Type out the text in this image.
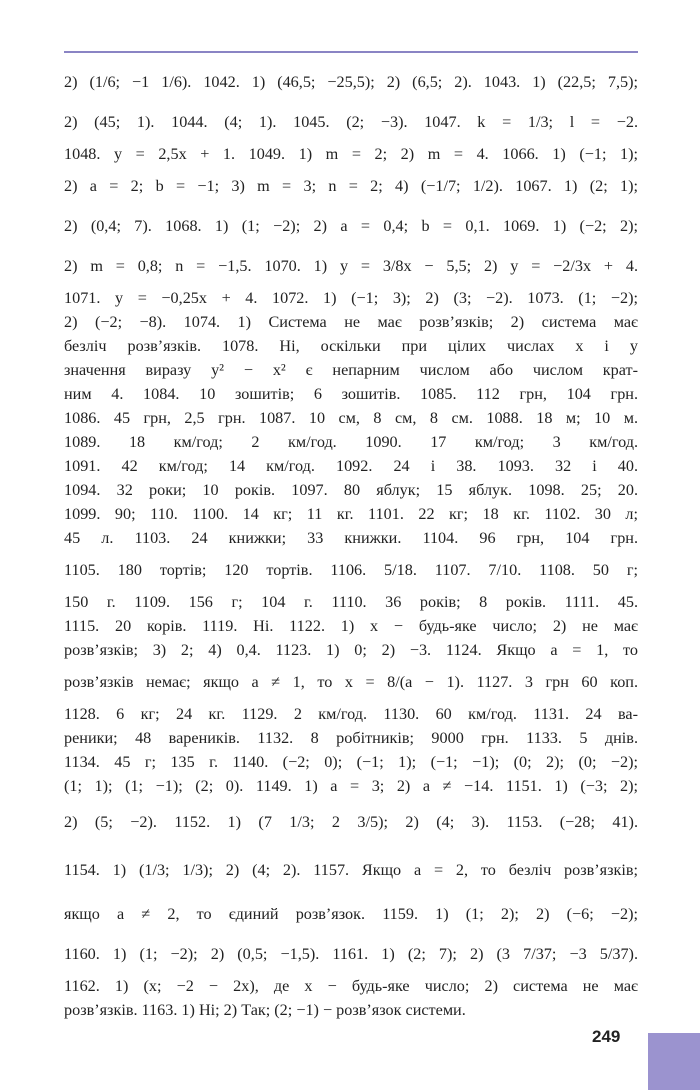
2) (1/6; −1 1/6). 1042. 1) (46,5; −25,5); 2) (6,5; 2). 1043. 1) (22,5; 7,5);
2) (45; 1). 1044. (4; 1). 1045. (2; −3). 1047. k = 1/3; l = −2.
1048. y = 2,5x + 1. 1049. 1) m = 2; 2) m = 4. 1066. 1) (−1; 1);
2) a = 2; b = −1; 3) m = 3; n = 2; 4) (−1/7; 1/2). 1067. 1) (2; 1);
2) (0,4; 7). 1068. 1) (1; −2); 2) a = 0,4; b = 0,1. 1069. 1) (−2; 2);
2) m = 0,8; n = −1,5. 1070. 1) y = 3/8x − 5,5; 2) y = −2/3x + 4.
1071. y = −0,25x + 4. 1072. 1) (−1; 3); 2) (3; −2). 1073. (1; −2);
2) (−2; −8). 1074. 1) Система не має розв’язків; 2) система має
безліч розв’язків. 1078. Ні, оскільки при цілих числах x і y
значення виразу y² − x² є непарним числом або числом крат-
ним 4. 1084. 10 зошитів; 6 зошитів. 1085. 112 грн, 104 грн.
1086. 45 грн, 2,5 грн. 1087. 10 см, 8 см, 8 см. 1088. 18 м; 10 м.
1089. 18 км/год; 2 км/год. 1090. 17 км/год; 3 км/год.
1091. 42 км/год; 14 км/год. 1092. 24 і 38. 1093. 32 і 40.
1094. 32 роки; 10 років. 1097. 80 яблук; 15 яблук. 1098. 25; 20.
1099. 90; 110. 1100. 14 кг; 11 кг. 1101. 22 кг; 18 кг. 1102. 30 л;
45 л. 1103. 24 книжки; 33 книжки. 1104. 96 грн, 104 грн.
1105. 180 тортів; 120 тортів. 1106. 5/18. 1107. 7/10. 1108. 50 г;
150 г. 1109. 156 г; 104 г. 1110. 36 років; 8 років. 1111. 45.
1115. 20 корів. 1119. Ні. 1122. 1) x − будь-яке число; 2) не має
розв’язків; 3) 2; 4) 0,4. 1123. 1) 0; 2) −3. 1124. Якщо a = 1, то
розв’язків немає; якщо a ≠ 1, то x = 8/(a − 1). 1127. 3 грн 60 коп.
1128. 6 кг; 24 кг. 1129. 2 км/год. 1130. 60 км/год. 1131. 24 ва-
реники; 48 вареників. 1132. 8 робітників; 9000 грн. 1133. 5 днів.
1134. 45 г; 135 г. 1140. (−2; 0); (−1; 1); (−1; −1); (0; 2); (0; −2);
(1; 1); (1; −1); (2; 0). 1149. 1) a = 3; 2) a ≠ −14. 1151. 1) (−3; 2);
2) (5; −2). 1152. 1) (7 1/3; 2 3/5); 2) (4; 3). 1153. (−28; 41).
1154. 1) (1/3; 1/3); 2) (4; 2). 1157. Якщо a = 2, то безліч розв’язків;
якщо a ≠ 2, то єдиний розв’язок. 1159. 1) (1; 2); 2) (−6; −2);
1160. 1) (1; −2); 2) (0,5; −1,5). 1161. 1) (2; 7); 2) (3 7/37; −3 5/37).
1162. 1) (x; −2 − 2x), де x − будь-яке число; 2) система не має
розв’язків. 1163. 1) Ні; 2) Так; (2; −1) − розв’язок системи.
249
